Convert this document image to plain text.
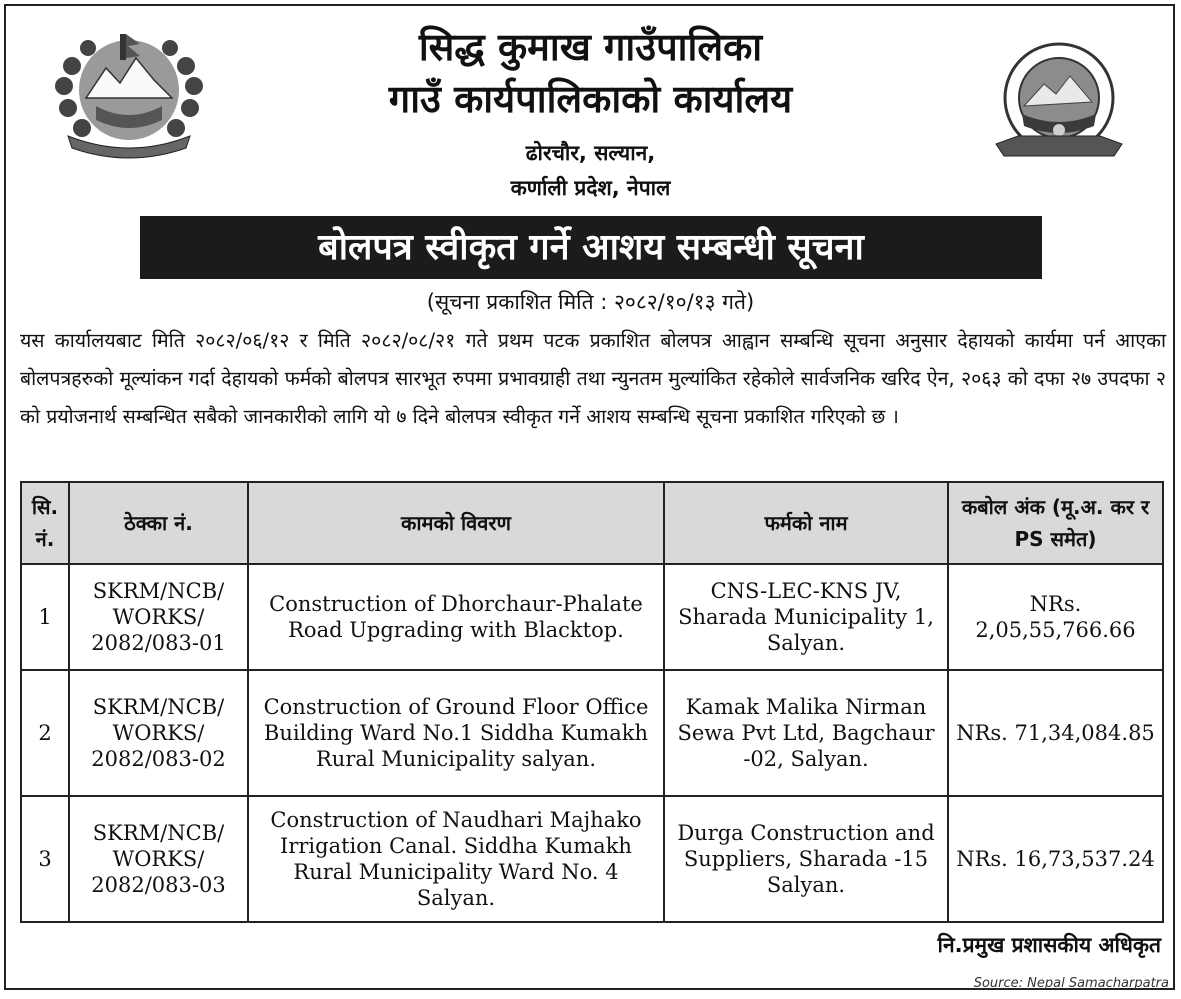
सिद्ध कुमाख गाउँपालिका
गाउँ कार्यपालिकाको कार्यालय
ढोरचौर, सल्यान,
कर्णाली प्रदेश, नेपाल
बोलपत्र स्वीकृत गर्ने आशय सम्बन्धी सूचना
(सूचना प्रकाशित मिति : २०८२/१०/१३ गते)
यस कार्यालयबाट मिति २०८२/०६/१२ र मिति २०८२/०८/२१ गते प्रथम पटक प्रकाशित बोलपत्र आह्वान सम्बन्धि सूचना अनुसार देहायको कार्यमा पर्न आएका बोलपत्रहरुको मूल्यांकन गर्दा देहायको फर्मको बोलपत्र सारभूत रुपमा प्रभावग्राही तथा न्युनतम मुल्यांकित रहेकोले सार्वजनिक खरिद ऐन, २०६३ को दफा २७ उपदफा २ को प्रयोजनार्थ सम्बन्धित सबैको जानकारीको लागि यो ७ दिने बोलपत्र स्वीकृत गर्ने आशय सम्बन्धि सूचना प्रकाशित गरिएको छ ।
सि. नं.	ठेक्का नं.	कामको विवरण	फर्मको नाम	कबोल अंक (मू.अ. कर र PS समेत)
1	SKRM/NCB/ WORKS/ 2082/083-01	Construction of Dhorchaur-Phalate Road Upgrading with Blacktop.	CNS-LEC-KNS JV, Sharada Municipality 1, Salyan.	NRs. 2,05,55,766.66
2	SKRM/NCB/ WORKS/ 2082/083-02	Construction of Ground Floor Office Building Ward No.1 Siddha Kumakh Rural Municipality salyan.	Kamak Malika Nirman Sewa Pvt Ltd, Bagchaur -02, Salyan.	NRs. 71,34,084.85
3	SKRM/NCB/ WORKS/ 2082/083-03	Construction of Naudhari Majhako Irrigation Canal. Siddha Kumakh Rural Municipality Ward No. 4 Salyan.	Durga Construction and Suppliers, Sharada -15 Salyan.	NRs. 16,73,537.24
नि.प्रमुख प्रशासकीय अधिकृत
Source: Nepal Samacharpatra
